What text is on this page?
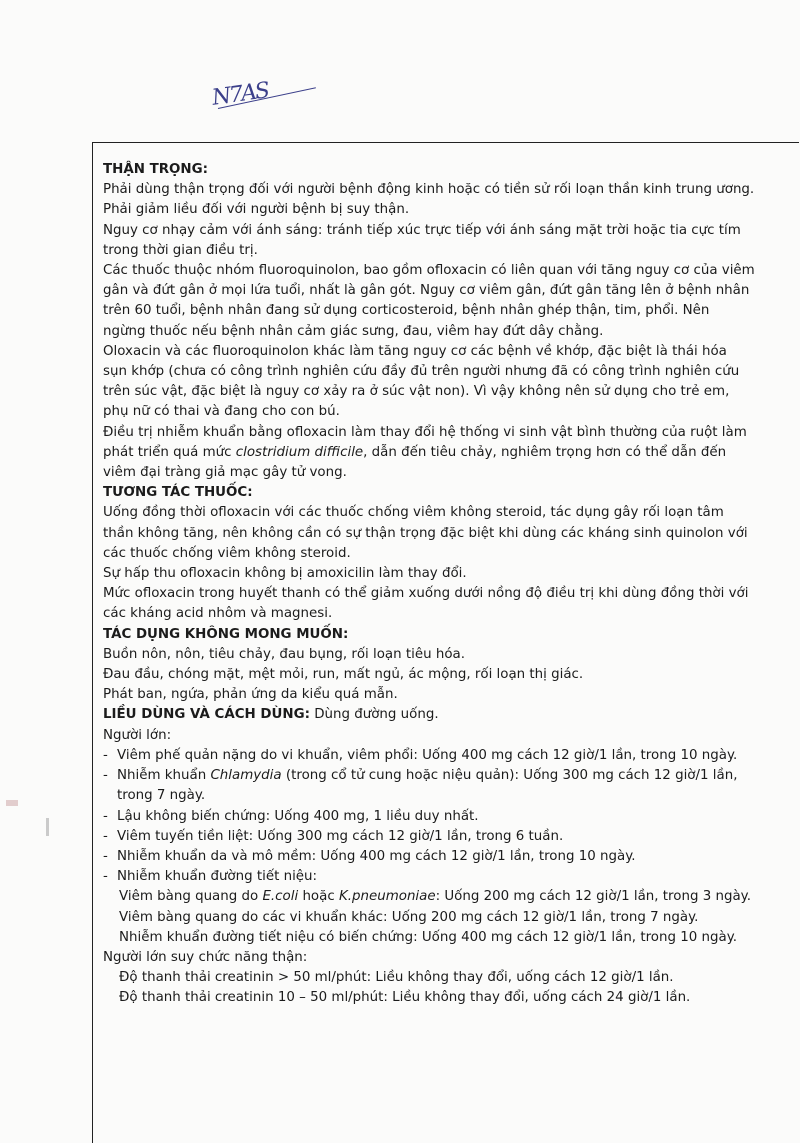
N7AS

THẬN TRỌNG:

Phải dùng thận trọng đối với người bệnh động kinh hoặc có tiền sử rối loạn thần kinh trung ương.

Phải giảm liều đối với người bệnh bị suy thận.

Nguy cơ nhạy cảm với ánh sáng: tránh tiếp xúc trực tiếp với ánh sáng mặt trời hoặc tia cực tím trong thời gian điều trị.

Các thuốc thuộc nhóm fluoroquinolon, bao gồm ofloxacin có liên quan với tăng nguy cơ của viêm gân và đứt gân ở mọi lứa tuổi, nhất là gân gót. Nguy cơ viêm gân, đứt gân tăng lên ở bệnh nhân trên 60 tuổi, bệnh nhân đang sử dụng corticosteroid, bệnh nhân ghép thận, tim, phổi. Nên ngừng thuốc nếu bệnh nhân cảm giác sưng, đau, viêm hay đứt dây chằng.

Oloxacin và các fluoroquinolon khác làm tăng nguy cơ các bệnh về khớp, đặc biệt là thái hóa sụn khớp (chưa có công trình nghiên cứu đầy đủ trên người nhưng đã có công trình nghiên cứu trên súc vật, đặc biệt là nguy cơ xảy ra ở súc vật non). Vì vậy không nên sử dụng cho trẻ em, phụ nữ có thai và đang cho con bú.

Điều trị nhiễm khuẩn bằng ofloxacin làm thay đổi hệ thống vi sinh vật bình thường của ruột làm phát triển quá mức clostridium difficile, dẫn đến tiêu chảy, nghiêm trọng hơn có thể dẫn đến viêm đại tràng giả mạc gây tử vong.

TƯƠNG TÁC THUỐC:

Uống đồng thời ofloxacin với các thuốc chống viêm không steroid, tác dụng gây rối loạn tâm thần không tăng, nên không cần có sự thận trọng đặc biệt khi dùng các kháng sinh quinolon với các thuốc chống viêm không steroid.

Sự hấp thu ofloxacin không bị amoxicilin làm thay đổi.

Mức ofloxacin trong huyết thanh có thể giảm xuống dưới nồng độ điều trị khi dùng đồng thời với các kháng acid nhôm và magnesi.

TÁC DỤNG KHÔNG MONG MUỐN:

Buồn nôn, nôn, tiêu chảy, đau bụng, rối loạn tiêu hóa.

Đau đầu, chóng mặt, mệt mỏi, run, mất ngủ, ác mộng, rối loạn thị giác.

Phát ban, ngứa, phản ứng da kiểu quá mẫn.

LIỀU DÙNG VÀ CÁCH DÙNG: Dùng đường uống.

Người lớn:

- Viêm phế quản nặng do vi khuẩn, viêm phổi: Uống 400 mg cách 12 giờ/1 lần, trong 10 ngày.
- Nhiễm khuẩn Chlamydia (trong cổ tử cung hoặc niệu quản): Uống 300 mg cách 12 giờ/1 lần, trong 7 ngày.
- Lậu không biến chứng: Uống 400 mg, 1 liều duy nhất.
- Viêm tuyến tiền liệt: Uống 300 mg cách 12 giờ/1 lần, trong 6 tuần.
- Nhiễm khuẩn da và mô mềm: Uống 400 mg cách 12 giờ/1 lần, trong 10 ngày.
- Nhiễm khuẩn đường tiết niệu:

Viêm bàng quang do E.coli hoặc K.pneumoniae: Uống 200 mg cách 12 giờ/1 lần, trong 3 ngày.

Viêm bàng quang do các vi khuẩn khác: Uống 200 mg cách 12 giờ/1 lần, trong 7 ngày.

Nhiễm khuẩn đường tiết niệu có biến chứng: Uống 400 mg cách 12 giờ/1 lần, trong 10 ngày.

Người lớn suy chức năng thận:

Độ thanh thải creatinin > 50 ml/phút: Liều không thay đổi, uống cách 12 giờ/1 lần.

Độ thanh thải creatinin 10 – 50 ml/phút: Liều không thay đổi, uống cách 24 giờ/1 lần.
